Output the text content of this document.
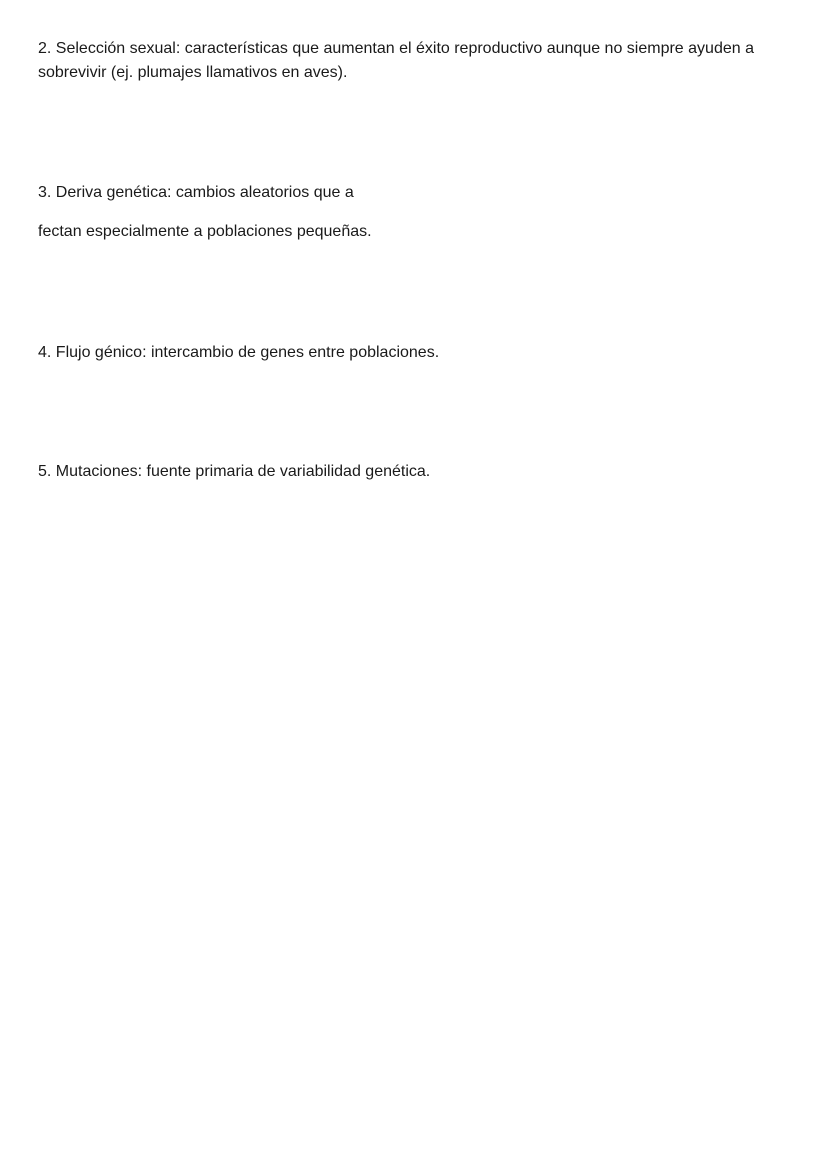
2. Selección sexual: características que aumentan el éxito reproductivo aunque no siempre ayuden a

sobrevivir (ej. plumajes llamativos en aves).

3. Deriva genética: cambios aleatorios que a

fectan especialmente a poblaciones pequeñas.

4. Flujo génico: intercambio de genes entre poblaciones.

5. Mutaciones: fuente primaria de variabilidad genética.
